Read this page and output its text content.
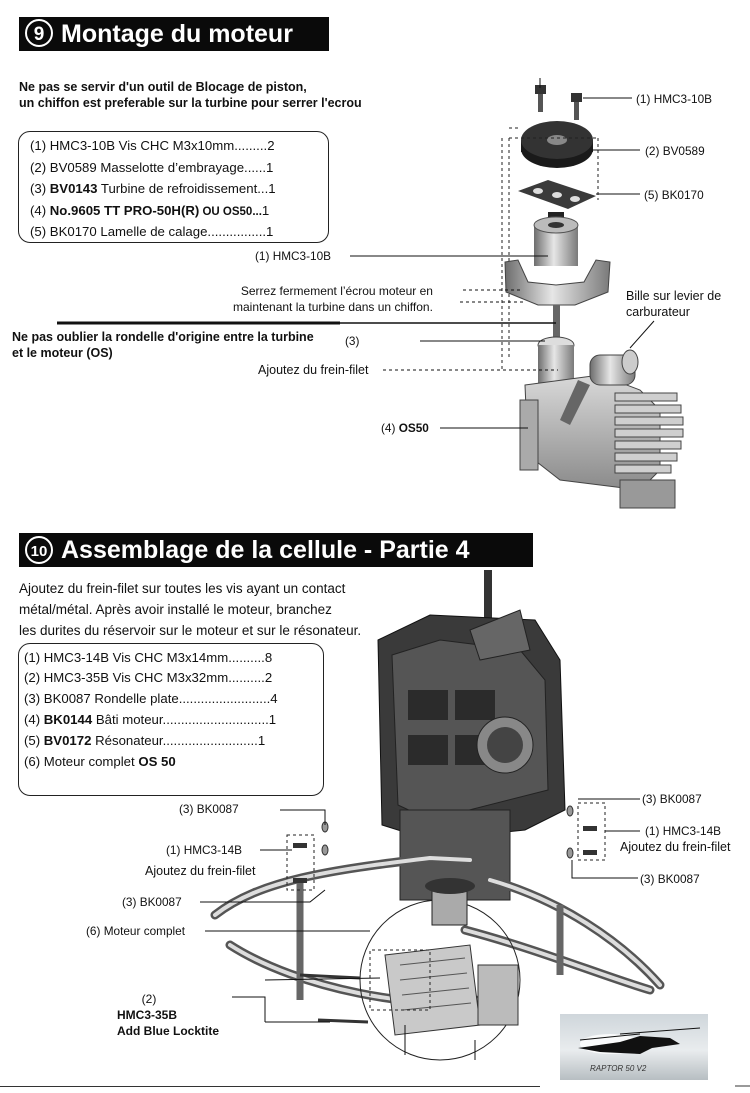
9 Montage du moteur
Ne pas se servir d'un outil de Blocage de piston,
un chiffon est preferable sur la turbine pour serrer l'ecrou
(1) HMC3-10B Vis CHC M3x10mm.........2
(2) BV0589 Masselotte d’embrayage......1
(3) BV0143 Turbine de refroidissement...1
(4) No.9605 TT PRO-50H(R) OU OS50...1
(5) BK0170 Lamelle de calage................1
(1) HMC3-10B
(2) BV0589
(5) BK0170
(1) HMC3-10B
Serrez fermement l’écrou moteur en
maintenant la turbine dans un chiffon.
Bille sur levier de
carburateur
Ne pas oublier la rondelle d'origine entre la turbine
et le moteur (OS)
(3)
Ajoutez du frein-filet
(4) OS50
10 Assemblage de la cellule - Partie 4
Ajoutez du frein-filet sur toutes les vis ayant un contact
métal/métal. Après avoir installé le moteur, branchez
les durites du réservoir sur le moteur et sur le résonateur.
(1) HMC3-14B Vis CHC M3x14mm..........8
(2) HMC3-35B Vis CHC M3x32mm..........2
(3) BK0087 Rondelle plate.........................4
(4) BK0144 Bâti moteur.............................1
(5) BV0172 Résonateur..........................1
(6) Moteur complet OS 50
(3) BK0087
(1) HMC3-14B
Ajoutez du frein-filet
(3) BK0087
(6) Moteur complet
(2)
HMC3-35B
Add Blue Locktite
(3) BK0087
(1) HMC3-14B
Ajoutez du frein-filet
(3) BK0087
RAPTOR 50 V2
